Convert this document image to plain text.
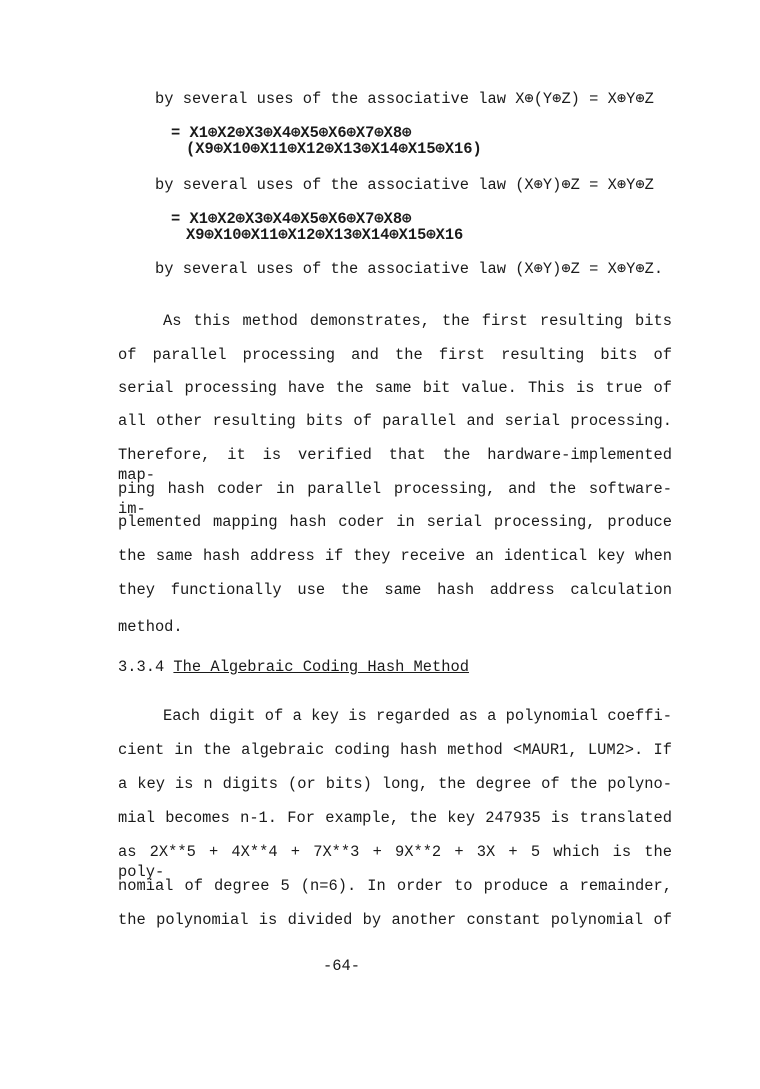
by several uses of the associative law X⊕(Y⊕Z) = X⊕Y⊕Z
= X1⊕X2⊕X3⊕X4⊕X5⊕X6⊕X7⊕X8⊕
(X9⊕X10⊕X11⊕X12⊕X13⊕X14⊕X15⊕X16)
by several uses of the associative law (X⊕Y)⊕Z = X⊕Y⊕Z
= X1⊕X2⊕X3⊕X4⊕X5⊕X6⊕X7⊕X8⊕
X9⊕X10⊕X11⊕X12⊕X13⊕X14⊕X15⊕X16
by several uses of the associative law (X⊕Y)⊕Z = X⊕Y⊕Z.
As this method demonstrates, the first resulting bits
of parallel processing and the first resulting bits of
serial processing have the same bit value. This is true of
all other resulting bits of parallel and serial processing.
Therefore, it is verified that the hardware-implemented map-
ping hash coder in parallel processing, and the software-im-
plemented mapping hash coder in serial processing, produce
the same hash address if they receive an identical key when
they functionally use the same hash address calculation
method.
3.3.4 The Algebraic Coding Hash Method
Each digit of a key is regarded as a polynomial coeffi-
cient in the algebraic coding hash method <MAUR1, LUM2>. If
a key is n digits (or bits) long, the degree of the polyno-
mial becomes n-1. For example, the key 247935 is translated
as 2X**5 + 4X**4 + 7X**3 + 9X**2 + 3X + 5 which is the poly-
nomial of degree 5 (n=6). In order to produce a remainder,
the polynomial is divided by another constant polynomial of
-64-
